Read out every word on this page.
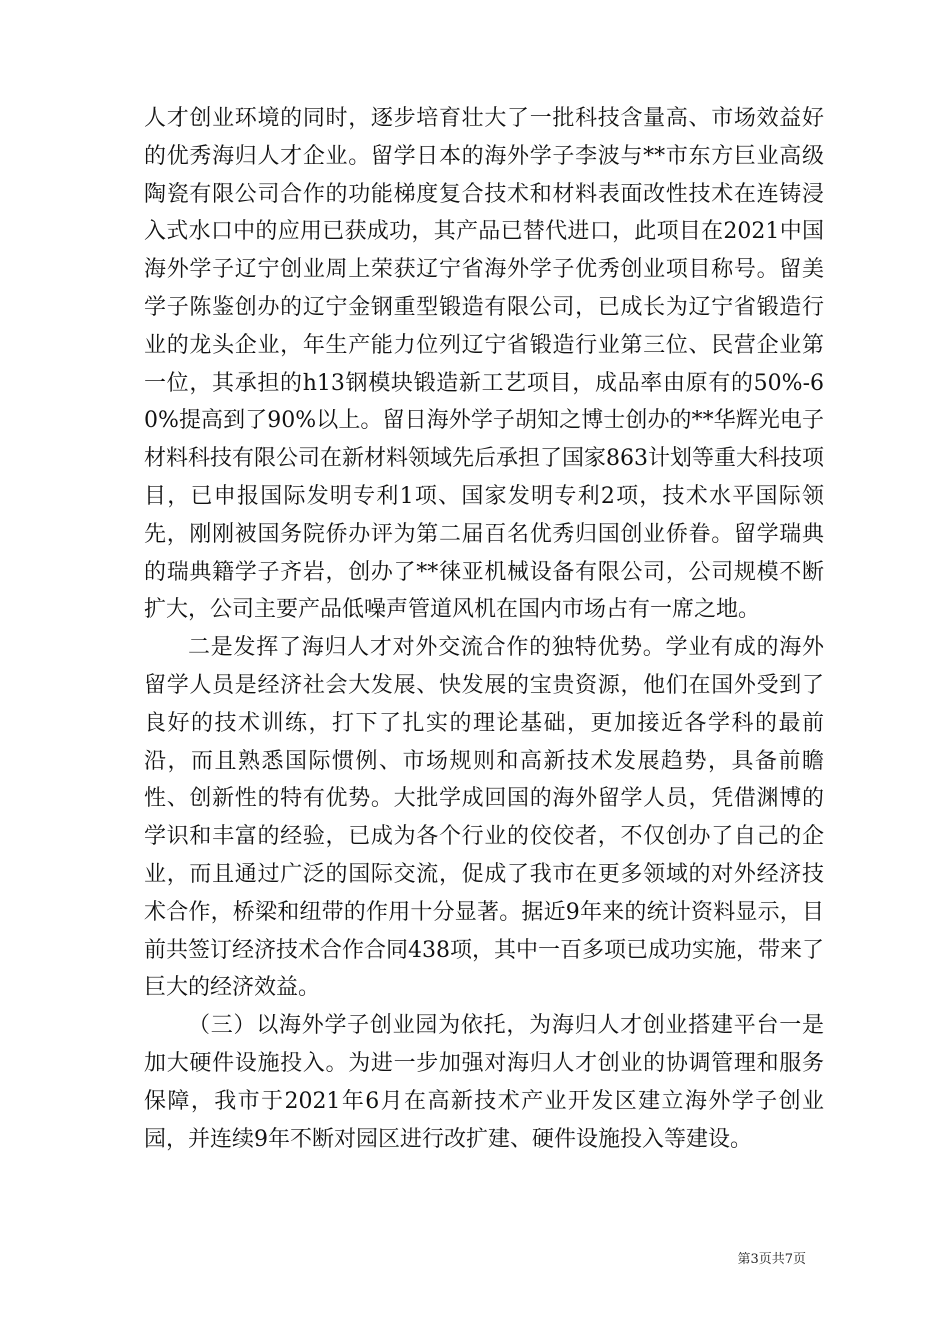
人才创业环境的同时，逐步培育壮大了一批科技含量高、市场效益好的优秀海归人才企业。留学日本的海外学子李波与**市东方巨业高级陶瓷有限公司合作的功能梯度复合技术和材料表面改性技术在连铸浸入式水口中的应用已获成功，其产品已替代进口，此项目在2021中国海外学子辽宁创业周上荣获辽宁省海外学子优秀创业项目称号。留美学子陈鉴创办的辽宁金钢重型锻造有限公司，已成长为辽宁省锻造行业的龙头企业，年生产能力位列辽宁省锻造行业第三位、民营企业第一位，其承担的h13钢模块锻造新工艺项目，成品率由原有的50%-60%提高到了90%以上。留日海外学子胡知之博士创办的**华辉光电子材料科技有限公司在新材料领域先后承担了国家863计划等重大科技项目，已申报国际发明专利1项、国家发明专利2项，技术水平国际领先，刚刚被国务院侨办评为第二届百名优秀归国创业侨眷。留学瑞典的瑞典籍学子齐岩，创办了**徕亚机械设备有限公司，公司规模不断扩大，公司主要产品低噪声管道风机在国内市场占有一席之地。

二是发挥了海归人才对外交流合作的独特优势。学业有成的海外留学人员是经济社会大发展、快发展的宝贵资源，他们在国外受到了良好的技术训练，打下了扎实的理论基础，更加接近各学科的最前沿，而且熟悉国际惯例、市场规则和高新技术发展趋势，具备前瞻性、创新性的特有优势。大批学成回国的海外留学人员，凭借渊博的学识和丰富的经验，已成为各个行业的佼佼者，不仅创办了自己的企业，而且通过广泛的国际交流，促成了我市在更多领域的对外经济技术合作，桥梁和纽带的作用十分显著。据近9年来的统计资料显示，目前共签订经济技术合作合同438项，其中一百多项已成功实施，带来了巨大的经济效益。

（三）以海外学子创业园为依托，为海归人才创业搭建平台一是加大硬件设施投入。为进一步加强对海归人才创业的协调管理和服务保障，我市于2021年6月在高新技术产业开发区建立海外学子创业园，并连续9年不断对园区进行改扩建、硬件设施投入等建设。

第3页共7页
